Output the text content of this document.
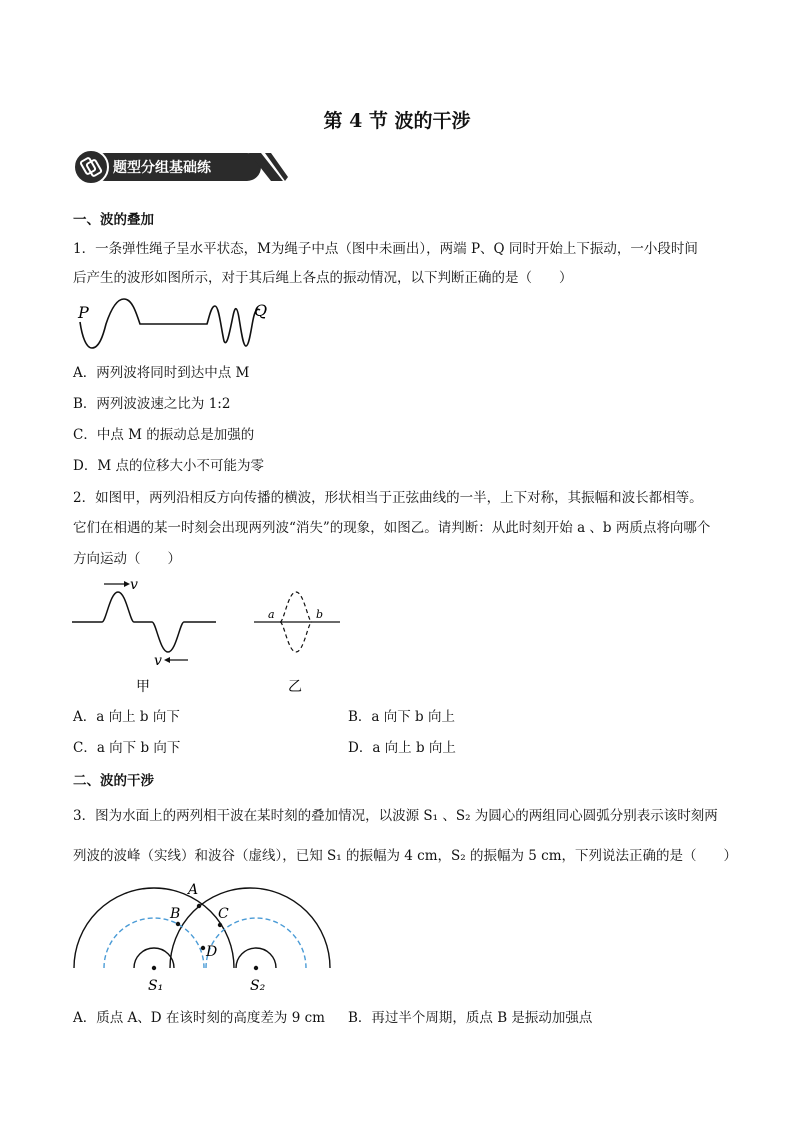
第 4 节 波的干涉
题型分组基础练
一、波的叠加
1．一条弹性绳子呈水平状态，M为绳子中点（图中未画出），两端 P、Q 同时开始上下振动，一小段时间
后产生的波形如图所示，对于其后绳上各点的振动情况，以下判断正确的是（　　）
P	Q
A．两列波将同时到达中点 M
B．两列波波速之比为 1:2
C．中点 M 的振动总是加强的
D．M 点的位移大小不可能为零
2．如图甲，两列沿相反方向传播的横波，形状相当于正弦曲线的一半，上下对称，其振幅和波长都相等。
它们在相遇的某一时刻会出现两列波“消失”的现象，如图乙。请判断：从此时刻开始 a 、b 两质点将向哪个
方向运动（　　）
v
v
甲
a	b
乙
A．a 向上 b 向下	B．a 向下 b 向上
C．a 向下 b 向下	D．a 向上 b 向上
二、波的干涉
3．图为水面上的两列相干波在某时刻的叠加情况，以波源 S₁ 、S₂ 为圆心的两组同心圆弧分别表示该时刻两
列波的波峰（实线）和波谷（虚线），已知 S₁ 的振幅为 4 cm，S₂ 的振幅为 5 cm，下列说法正确的是（　　）
A
B	C
D
S₁	S₂
A．质点 A、D 在该时刻的高度差为 9 cm B．再过半个周期，质点 B 是振动加强点
